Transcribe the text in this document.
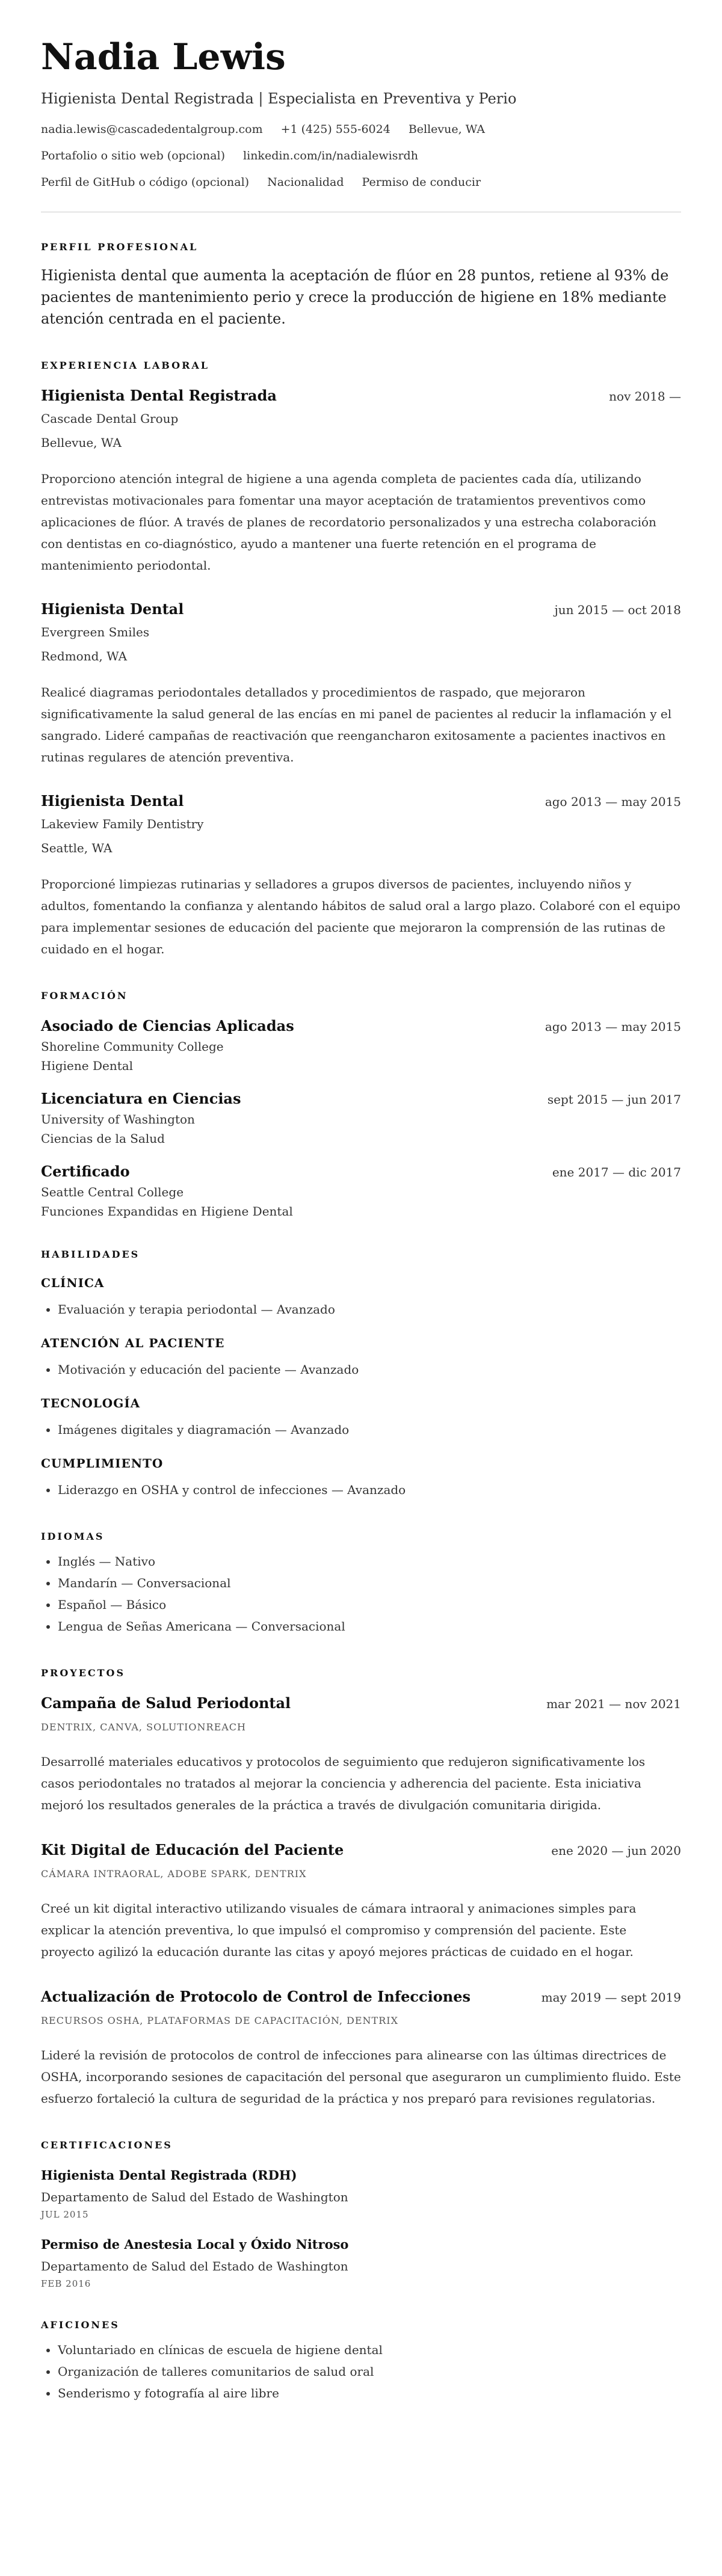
Nadia Lewis
Higienista Dental Registrada | Especialista en Preventiva y Perio
nadia.lewis@cascadedentalgroup.com +1 (425) 555-6024 Bellevue, WA
Portafolio o sitio web (opcional) linkedin.com/in/nadialewisrdh
Perfil de GitHub o código (opcional) Nacionalidad Permiso de conducir
PERFIL PROFESIONAL
Higienista dental que aumenta la aceptación de flúor en 28 puntos, retiene al 93% de pacientes de mantenimiento perio y crece la producción de higiene en 18% mediante atención centrada en el paciente.
EXPERIENCIA LABORAL
Higienista Dental Registrada	nov 2018 —
Cascade Dental Group
Bellevue, WA
Proporciono atención integral de higiene a una agenda completa de pacientes cada día, utilizando entrevistas motivacionales para fomentar una mayor aceptación de tratamientos preventivos como aplicaciones de flúor. A través de planes de recordatorio personalizados y una estrecha colaboración con dentistas en co-diagnóstico, ayudo a mantener una fuerte retención en el programa de mantenimiento periodontal.
Higienista Dental	jun 2015 — oct 2018
Evergreen Smiles
Redmond, WA
Realicé diagramas periodontales detallados y procedimientos de raspado, que mejoraron significativamente la salud general de las encías en mi panel de pacientes al reducir la inflamación y el sangrado. Lideré campañas de reactivación que reengancharon exitosamente a pacientes inactivos en rutinas regulares de atención preventiva.
Higienista Dental	ago 2013 — may 2015
Lakeview Family Dentistry
Seattle, WA
Proporcioné limpiezas rutinarias y selladores a grupos diversos de pacientes, incluyendo niños y adultos, fomentando la confianza y alentando hábitos de salud oral a largo plazo. Colaboré con el equipo para implementar sesiones de educación del paciente que mejoraron la comprensión de las rutinas de cuidado en el hogar.
FORMACIÓN
Asociado de Ciencias Aplicadas	ago 2013 — may 2015
Shoreline Community College
Higiene Dental
Licenciatura en Ciencias	sept 2015 — jun 2017
University of Washington
Ciencias de la Salud
Certificado	ene 2017 — dic 2017
Seattle Central College
Funciones Expandidas en Higiene Dental
HABILIDADES
CLÍNICA
• Evaluación y terapia periodontal — Avanzado
ATENCIÓN AL PACIENTE
• Motivación y educación del paciente — Avanzado
TECNOLOGÍA
• Imágenes digitales y diagramación — Avanzado
CUMPLIMIENTO
• Liderazgo en OSHA y control de infecciones — Avanzado
IDIOMAS
• Inglés — Nativo
• Mandarín — Conversacional
• Español — Básico
• Lengua de Señas Americana — Conversacional
PROYECTOS
Campaña de Salud Periodontal	mar 2021 — nov 2021
DENTRIX, CANVA, SOLUTIONREACH
Desarrollé materiales educativos y protocolos de seguimiento que redujeron significativamente los casos periodontales no tratados al mejorar la conciencia y adherencia del paciente. Esta iniciativa mejoró los resultados generales de la práctica a través de divulgación comunitaria dirigida.
Kit Digital de Educación del Paciente	ene 2020 — jun 2020
CÁMARA INTRAORAL, ADOBE SPARK, DENTRIX
Creé un kit digital interactivo utilizando visuales de cámara intraoral y animaciones simples para explicar la atención preventiva, lo que impulsó el compromiso y comprensión del paciente. Este proyecto agilizó la educación durante las citas y apoyó mejores prácticas de cuidado en el hogar.
Actualización de Protocolo de Control de Infecciones	may 2019 — sept 2019
RECURSOS OSHA, PLATAFORMAS DE CAPACITACIÓN, DENTRIX
Lideré la revisión de protocolos de control de infecciones para alinearse con las últimas directrices de OSHA, incorporando sesiones de capacitación del personal que aseguraron un cumplimiento fluido. Este esfuerzo fortaleció la cultura de seguridad de la práctica y nos preparó para revisiones regulatorias.
CERTIFICACIONES
Higienista Dental Registrada (RDH)
Departamento de Salud del Estado de Washington
JUL 2015
Permiso de Anestesia Local y Óxido Nitroso
Departamento de Salud del Estado de Washington
FEB 2016
AFICIONES
• Voluntariado en clínicas de escuela de higiene dental
• Organización de talleres comunitarios de salud oral
• Senderismo y fotografía al aire libre
